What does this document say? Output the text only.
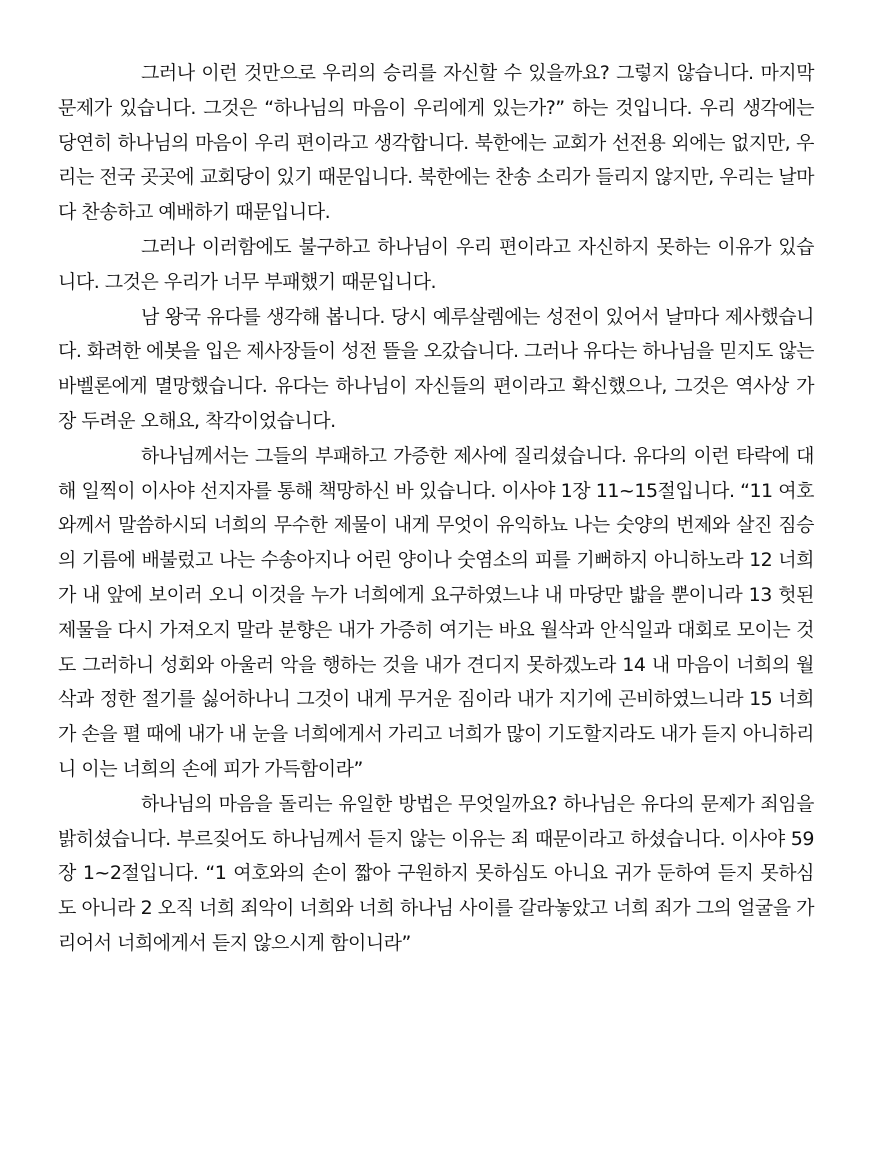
그러나 이런 것만으로 우리의 승리를 자신할 수 있을까요? 그렇지 않습니다. 마지막 문제가 있습니다. 그것은 “하나님의 마음이 우리에게 있는가?” 하는 것입니다. 우리 생각에는 당연히 하나님의 마음이 우리 편이라고 생각합니다. 북한에는 교회가 선전용 외에는 없지만, 우리는 전국 곳곳에 교회당이 있기 때문입니다. 북한에는 찬송 소리가 들리지 않지만, 우리는 날마다 찬송하고 예배하기 때문입니다.

그러나 이러함에도 불구하고 하나님이 우리 편이라고 자신하지 못하는 이유가 있습니다. 그것은 우리가 너무 부패했기 때문입니다.

남 왕국 유다를 생각해 봅니다. 당시 예루살렘에는 성전이 있어서 날마다 제사했습니다. 화려한 에봇을 입은 제사장들이 성전 뜰을 오갔습니다. 그러나 유다는 하나님을 믿지도 않는 바벨론에게 멸망했습니다. 유다는 하나님이 자신들의 편이라고 확신했으나, 그것은 역사상 가장 두려운 오해요, 착각이었습니다.

하나님께서는 그들의 부패하고 가증한 제사에 질리셨습니다. 유다의 이런 타락에 대해 일찍이 이사야 선지자를 통해 책망하신 바 있습니다. 이사야 1장 11~15절입니다. “11 여호와께서 말씀하시되 너희의 무수한 제물이 내게 무엇이 유익하뇨 나는 숫양의 번제와 살진 짐승의 기름에 배불렀고 나는 수송아지나 어린 양이나 숫염소의 피를 기뻐하지 아니하노라 12 너희가 내 앞에 보이러 오니 이것을 누가 너희에게 요구하였느냐 내 마당만 밟을 뿐이니라 13 헛된 제물을 다시 가져오지 말라 분향은 내가 가증히 여기는 바요 월삭과 안식일과 대회로 모이는 것도 그러하니 성회와 아울러 악을 행하는 것을 내가 견디지 못하겠노라 14 내 마음이 너희의 월삭과 정한 절기를 싫어하나니 그것이 내게 무거운 짐이라 내가 지기에 곤비하였느니라 15 너희가 손을 펼 때에 내가 내 눈을 너희에게서 가리고 너희가 많이 기도할지라도 내가 듣지 아니하리니 이는 너희의 손에 피가 가득함이라”

하나님의 마음을 돌리는 유일한 방법은 무엇일까요? 하나님은 유다의 문제가 죄임을 밝히셨습니다. 부르짖어도 하나님께서 듣지 않는 이유는 죄 때문이라고 하셨습니다. 이사야 59장 1~2절입니다. “1 여호와의 손이 짧아 구원하지 못하심도 아니요 귀가 둔하여 듣지 못하심도 아니라 2 오직 너희 죄악이 너희와 너희 하나님 사이를 갈라놓았고 너희 죄가 그의 얼굴을 가리어서 너희에게서 듣지 않으시게 함이니라”
